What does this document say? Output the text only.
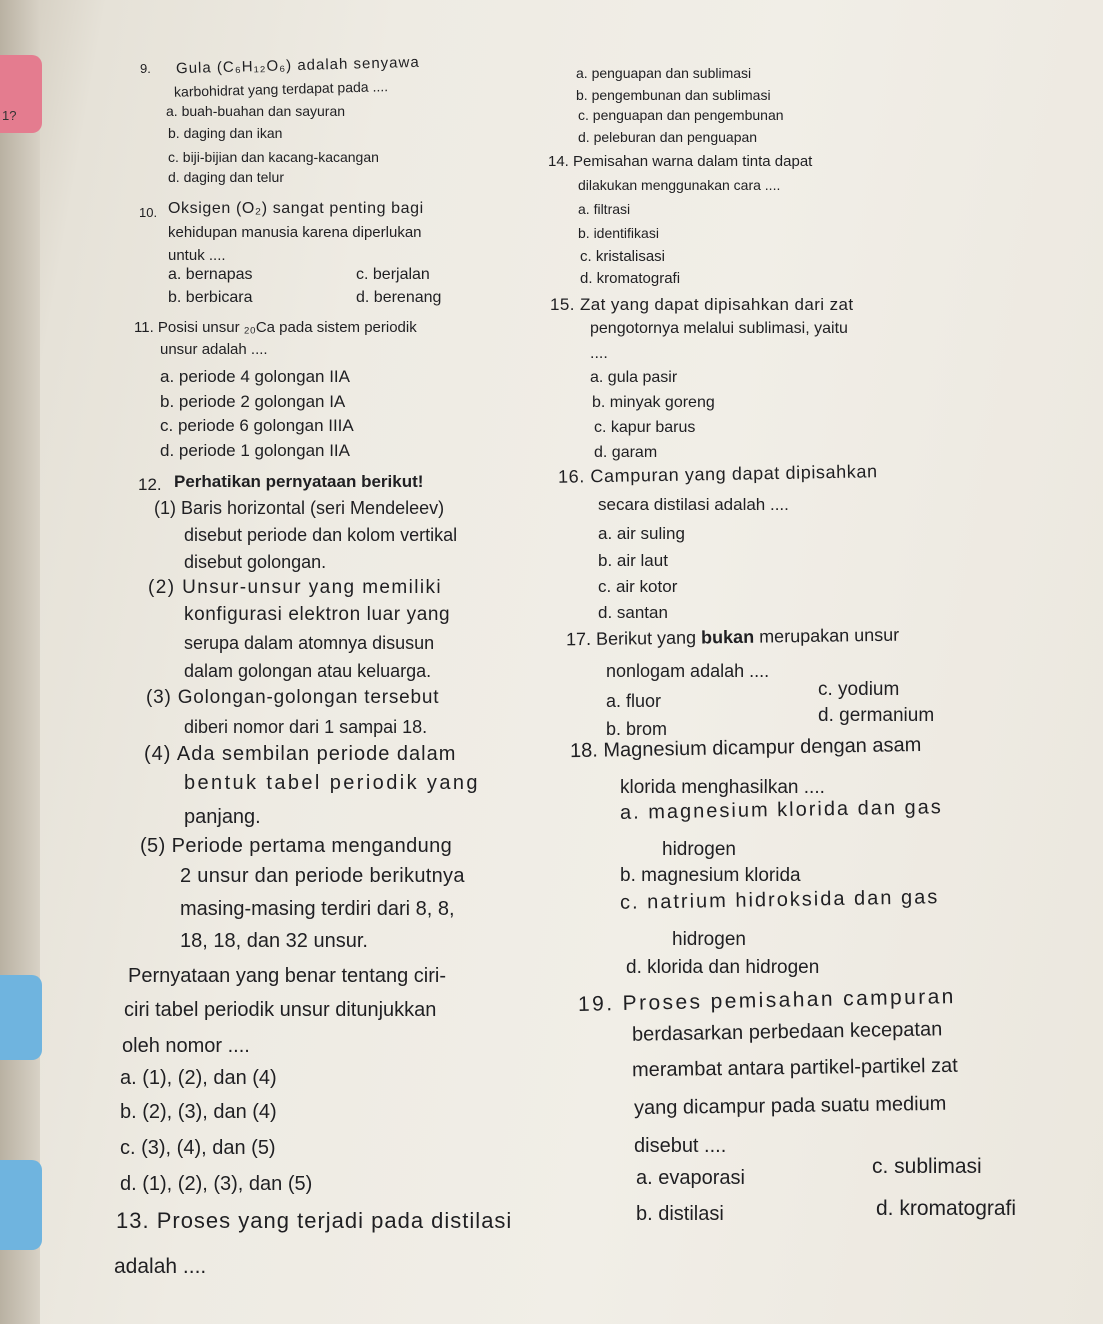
1?
9. Gula (C₆H₁₂O₆) adalah senyawa
karbohidrat yang terdapat pada ....
a. buah-buahan dan sayuran
b. daging dan ikan
c. biji-bijian dan kacang-kacangan
d. daging dan telur
10. Oksigen (O₂) sangat penting bagi
kehidupan manusia karena diperlukan
untuk ....
a. bernapas
b. berbicara
c. berjalan
d. berenang
11. Posisi unsur ₂₀Ca pada sistem periodik
unsur adalah ....
a. periode 4 golongan IIA
b. periode 2 golongan IA
c. periode 6 golongan IIIA
d. periode 1 golongan IIA
12. Perhatikan pernyataan berikut!
(1) Baris horizontal (seri Mendeleev)
disebut periode dan kolom vertikal
disebut golongan.
(2) Unsur-unsur yang memiliki
konfigurasi elektron luar yang
serupa dalam atomnya disusun
dalam golongan atau keluarga.
(3) Golongan-golongan tersebut
diberi nomor dari 1 sampai 18.
(4) Ada sembilan periode dalam
bentuk tabel periodik yang
panjang.
(5) Periode pertama mengandung
2 unsur dan periode berikutnya
masing-masing terdiri dari 8, 8,
18, 18, dan 32 unsur.
Pernyataan yang benar tentang ciri-
ciri tabel periodik unsur ditunjukkan
oleh nomor ....
a. (1), (2), dan (4)
b. (2), (3), dan (4)
c. (3), (4), dan (5)
d. (1), (2), (3), dan (5)
13. Proses yang terjadi pada distilasi
adalah ....
a. penguapan dan sublimasi
b. pengembunan dan sublimasi
c. penguapan dan pengembunan
d. peleburan dan penguapan
14. Pemisahan warna dalam tinta dapat
dilakukan menggunakan cara ....
a. filtrasi
b. identifikasi
c. kristalisasi
d. kromatografi
15. Zat yang dapat dipisahkan dari zat
pengotornya melalui sublimasi, yaitu
....
a. gula pasir
b. minyak goreng
c. kapur barus
d. garam
16. Campuran yang dapat dipisahkan
secara distilasi adalah ....
a. air suling
b. air laut
c. air kotor
d. santan
17. Berikut yang bukan merupakan unsur
nonlogam adalah ....
a. fluor
b. brom
c. yodium
d. germanium
18. Magnesium dicampur dengan asam
klorida menghasilkan ....
a. magnesium klorida dan gas
hidrogen
b. magnesium klorida
c. natrium hidroksida dan gas
hidrogen
d. klorida dan hidrogen
19. Proses pemisahan campuran
berdasarkan perbedaan kecepatan
merambat antara partikel-partikel zat
yang dicampur pada suatu medium
disebut ....
a. evaporasi
b. distilasi
c. sublimasi
d. kromatografi
